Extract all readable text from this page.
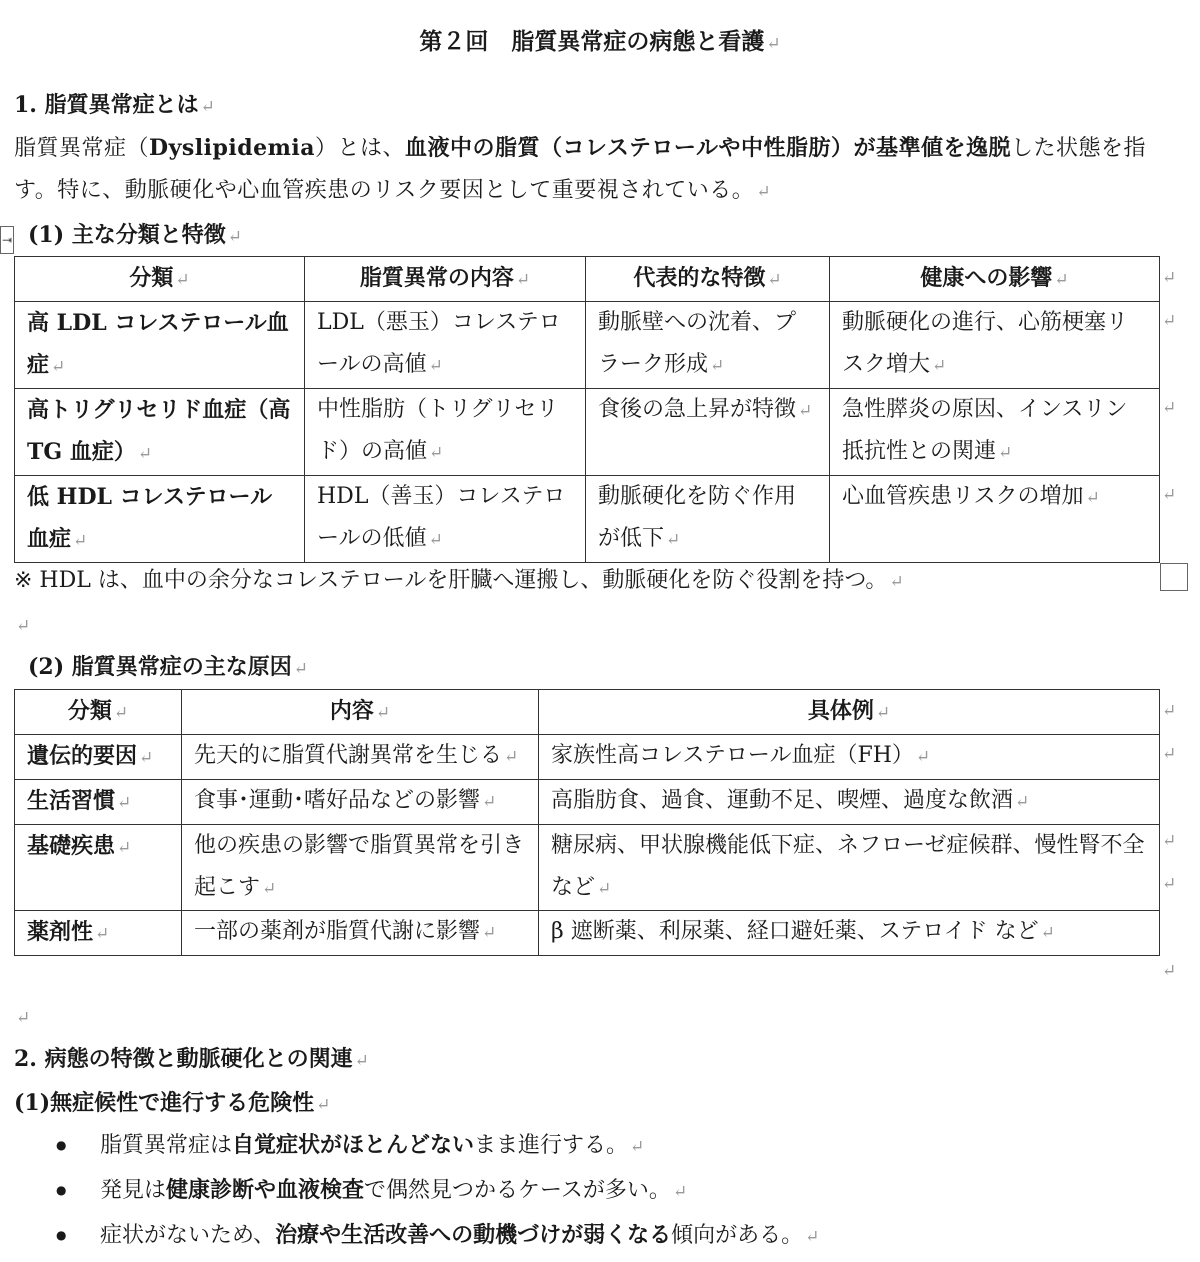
第２回　脂質異常症の病態と看護 ↵
1. 脂質異常症とは ↵
脂質異常症（Dyslipidemia）とは、血液中の脂質（コレステロールや中性脂肪）が基準値を逸脱した状態を指す。特に、動脈硬化や心血管疾患のリスク要因として重要視されている。 ↵
⇥ (1) 主な分類と特徴 ↵
分類 ↵	脂質異常の内容 ↵	代表的な特徴 ↵	健康への影響 ↵
高 LDL コレステロール血症 ↵	LDL（悪玉）コレステロールの高値 ↵	動脈壁への沈着、プラーク形成 ↵	動脈硬化の進行、心筋梗塞リスク増大 ↵
高トリグリセリド血症（高 TG 血症） ↵	中性脂肪（トリグリセリド）の高値 ↵	食後の急上昇が特徴 ↵	急性膵炎の原因、インスリン抵抗性との関連 ↵
低 HDL コレステロール血症 ↵	HDL（善玉）コレステロールの低値 ↵	動脈硬化を防ぐ作用が低下 ↵	心血管疾患リスクの増加 ↵
↵
↵
↵
↵
※ HDL は、血中の余分なコレステロールを肝臓へ運搬し、動脈硬化を防ぐ役割を持つ。 ↵
↵
(2) 脂質異常症の主な原因 ↵
分類 ↵	内容 ↵	具体例 ↵
遺伝的要因 ↵	先天的に脂質代謝異常を生じる ↵	家族性高コレステロール血症（FH） ↵
生活習慣 ↵	食事･運動･嗜好品などの影響 ↵	高脂肪食、過食、運動不足、喫煙、過度な飲酒 ↵
基礎疾患 ↵	他の疾患の影響で脂質異常を引き起こす ↵	糖尿病、甲状腺機能低下症、ネフローゼ症候群、慢性腎不全など ↵
薬剤性 ↵	一部の薬剤が脂質代謝に影響 ↵	β 遮断薬、利尿薬、経口避妊薬、ステロイド など ↵
↵
↵
↵
↵
↵
↵
2. 病態の特徴と動脈硬化との関連 ↵
(1)無症候性で進行する危険性 ↵
● 脂質異常症は自覚症状がほとんどないまま進行する。 ↵
● 発見は健康診断や血液検査で偶然見つかるケースが多い。 ↵
● 症状がないため、治療や生活改善への動機づけが弱くなる傾向がある。 ↵
